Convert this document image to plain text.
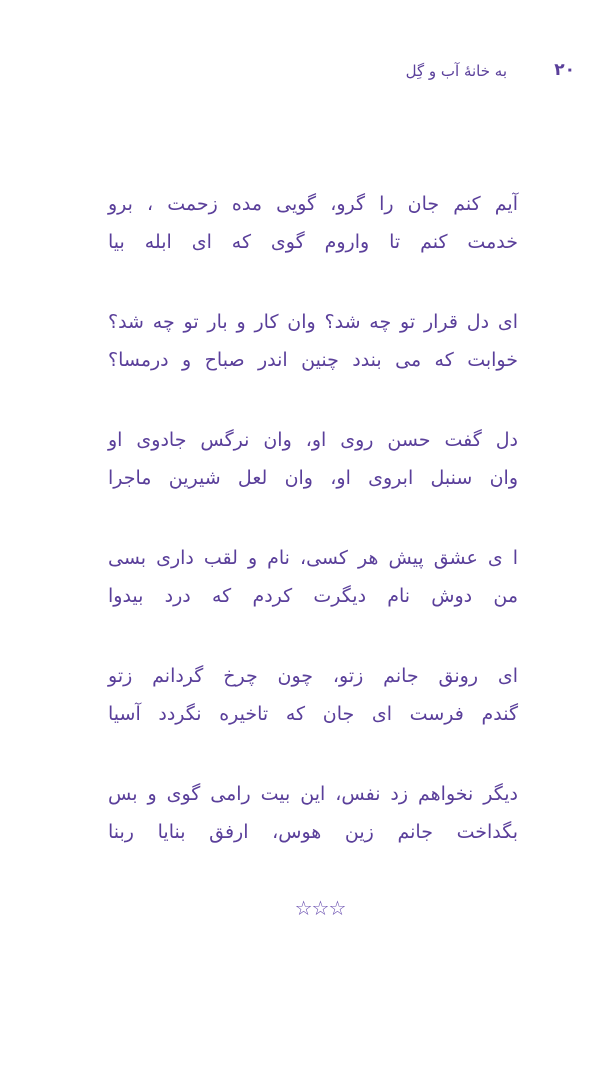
۲۰
به خانهٔ آب و گِل
آیم کنم جان را گرو، گویی مده زحمت ، برو
خدمت کنم تا واروم گوی که ای ابله بیا
ای دل قرار تو چه شد؟ وان کار و بار تو چه شد؟
خوابت که می بندد چنین اندر صباح و درمسا؟
دل گفت حسن روی او، وان نرگس جادوی او
وان سنبل ابروی او، وان لعل شیرین ماجرا
ا ی عشق پیش هر کسی، نام و لقب داری بسی
من دوش نام دیگرت کردم که درد بیدوا
ای رونق جانم زتو، چون چرخ گردانم زتو
گندم فرست ای جان که تاخیره نگردد آسیا
دیگر نخواهم زد نفس، این بیت رامی گوی و بس
بگداخت جانم زین هوس، ارفق بنایا ربنا
☆☆☆
